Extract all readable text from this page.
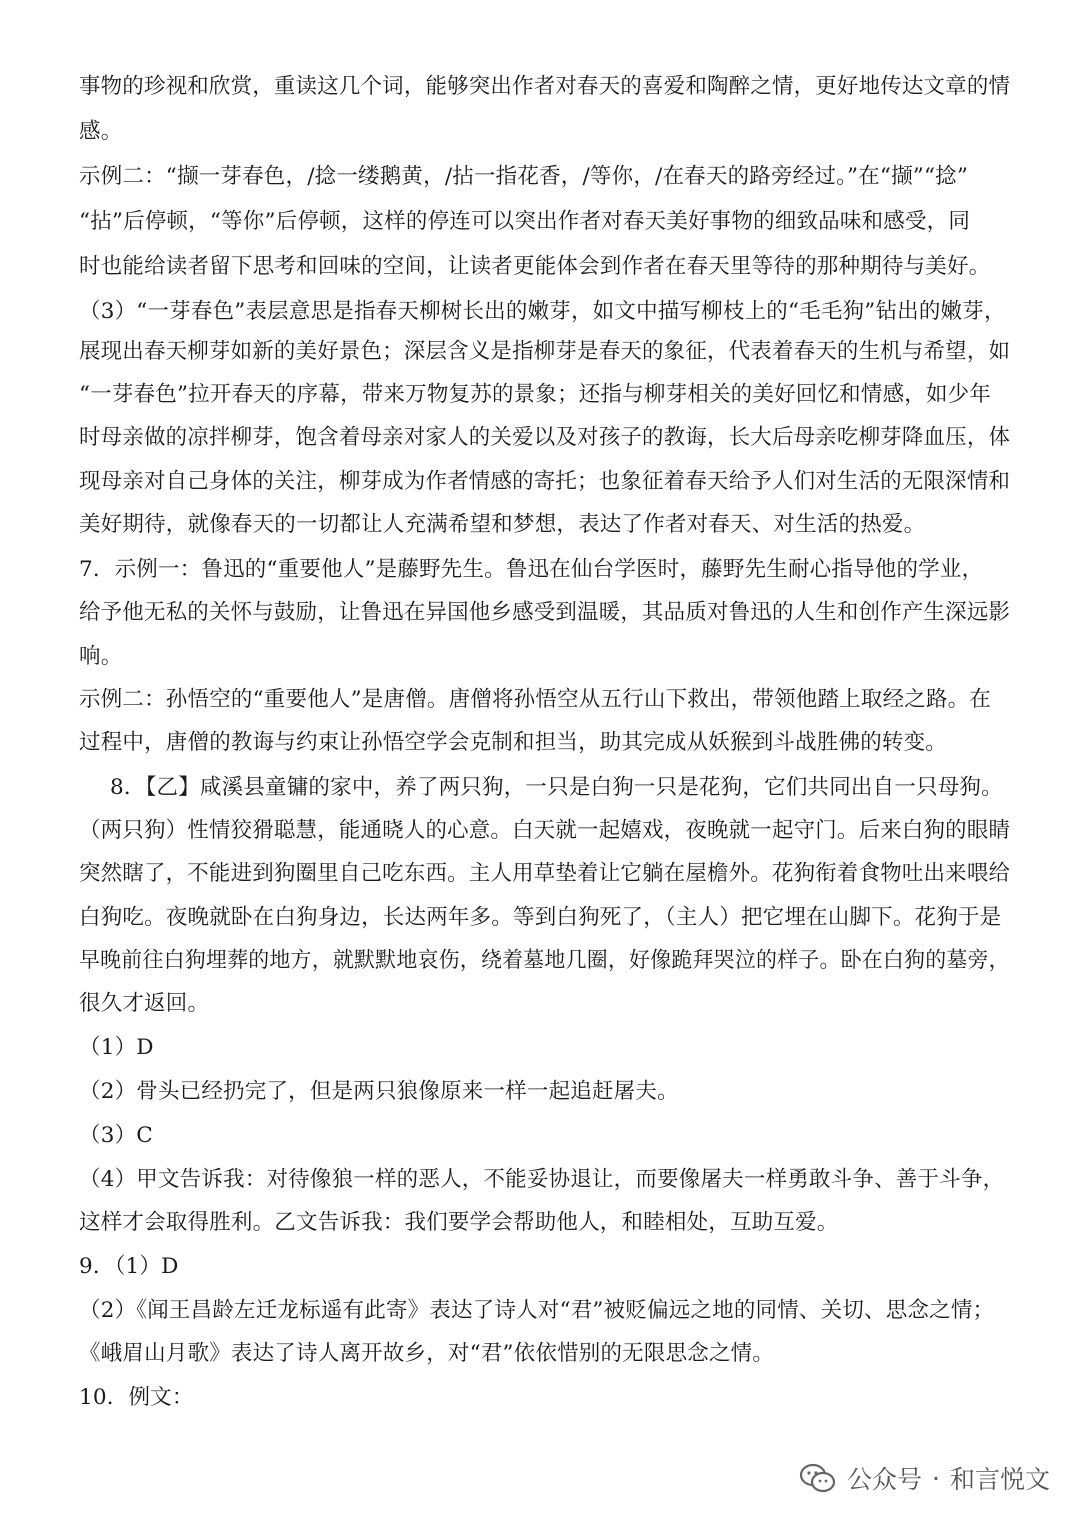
事物的珍视和欣赏，重读这几个词，能够突出作者对春天的喜爱和陶醉之情，更好地传达文章的情
感。
示例二：“撷一芽春色，/捻一缕鹅黄，/拈一指花香，/等你，/在春天的路旁经过。”在“撷”“捻”
“拈”后停顿，“等你”后停顿，这样的停连可以突出作者对春天美好事物的细致品味和感受，同
时也能给读者留下思考和回味的空间，让读者更能体会到作者在春天里等待的那种期待与美好。
（3）“一芽春色”表层意思是指春天柳树长出的嫩芽，如文中描写柳枝上的“毛毛狗”钻出的嫩芽，
展现出春天柳芽如新的美好景色；深层含义是指柳芽是春天的象征，代表着春天的生机与希望，如
“一芽春色”拉开春天的序幕，带来万物复苏的景象；还指与柳芽相关的美好回忆和情感，如少年
时母亲做的凉拌柳芽，饱含着母亲对家人的关爱以及对孩子的教诲，长大后母亲吃柳芽降血压，体
现母亲对自己身体的关注，柳芽成为作者情感的寄托；也象征着春天给予人们对生活的无限深情和
美好期待，就像春天的一切都让人充满希望和梦想，表达了作者对春天、对生活的热爱。
7．示例一：鲁迅的“重要他人”是藤野先生。鲁迅在仙台学医时，藤野先生耐心指导他的学业，
给予他无私的关怀与鼓励，让鲁迅在异国他乡感受到温暖，其品质对鲁迅的人生和创作产生深远影
响。
示例二：孙悟空的“重要他人”是唐僧。唐僧将孙悟空从五行山下救出，带领他踏上取经之路。在
过程中，唐僧的教诲与约束让孙悟空学会克制和担当，助其完成从妖猴到斗战胜佛的转变。
8．【乙】咸溪县童镛的家中，养了两只狗，一只是白狗一只是花狗，它们共同出自一只母狗。
（两只狗）性情狡猾聪慧，能通晓人的心意。白天就一起嬉戏，夜晚就一起守门。后来白狗的眼睛
突然瞎了，不能进到狗圈里自己吃东西。主人用草垫着让它躺在屋檐外。花狗衔着食物吐出来喂给
白狗吃。夜晚就卧在白狗身边，长达两年多。等到白狗死了，（主人）把它埋在山脚下。花狗于是
早晚前往白狗埋葬的地方，就默默地哀伤，绕着墓地几圈，好像跪拜哭泣的样子。卧在白狗的墓旁，
很久才返回。
（1）D
（2）骨头已经扔完了，但是两只狼像原来一样一起追赶屠夫。
（3）C
（4）甲文告诉我：对待像狼一样的恶人，不能妥协退让，而要像屠夫一样勇敢斗争、善于斗争，
这样才会取得胜利。乙文告诉我：我们要学会帮助他人，和睦相处，互助互爱。
9．（1）D
（2）《闻王昌龄左迁龙标遥有此寄》表达了诗人对“君”被贬偏远之地的同情、关切、思念之情；
《峨眉山月歌》表达了诗人离开故乡，对“君”依依惜别的无限思念之情。
10．例文：
公众号 · 和言悦文
